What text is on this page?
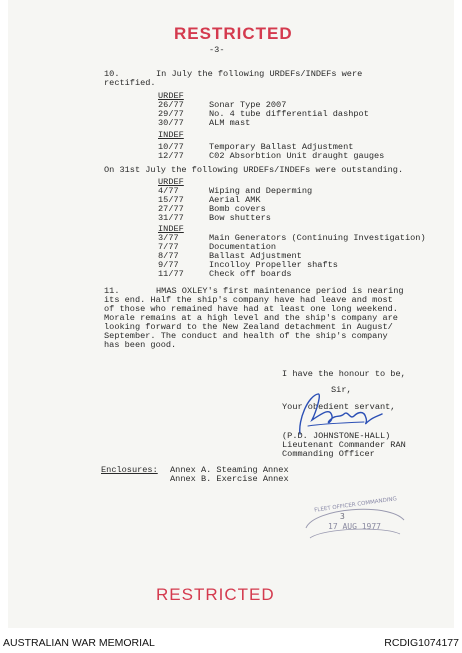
RESTRICTED
-3-
10.	In July the following URDEFs/INDEFs were
rectified.
URDEF
26/77	Sonar Type 2007
29/77	No. 4 tube differential dashpot
30/77	ALM mast
INDEF
10/77	Temporary Ballast Adjustment
12/77	C02 Absorbtion Unit draught gauges
On 31st July the following URDEFs/INDEFs were outstanding.
URDEF
4/77	Wiping and Deperming
15/77	Aerial AMK
27/77	Bomb covers
31/77	Bow shutters
INDEF
3/77	Main Generators (Continuing Investigation)
7/77	Documentation
8/77	Ballast Adjustment
9/77	Incolloy Propeller shafts
11/77	Check off boards
11.	HMAS OXLEY's first maintenance period is nearing
its end. Half the ship's company have had leave and most
of those who remained have had at least one long weekend.
Morale remains at a high level and the ship's company are
looking forward to the New Zealand detachment in August/
September. The conduct and health of the ship's company
has been good.
I have the honour to be,
Sir,
Your obedient servant,
(P.D. JOHNSTONE-HALL)
Lieutenant Commander RAN
Commanding Officer
Enclosures: Annex A. Steaming Annex
Annex B. Exercise Annex
FLEET OFFICER COMMANDING
3
17 AUG 1977
RESTRICTED
AUSTRALIAN WAR MEMORIAL	RCDIG1074177
